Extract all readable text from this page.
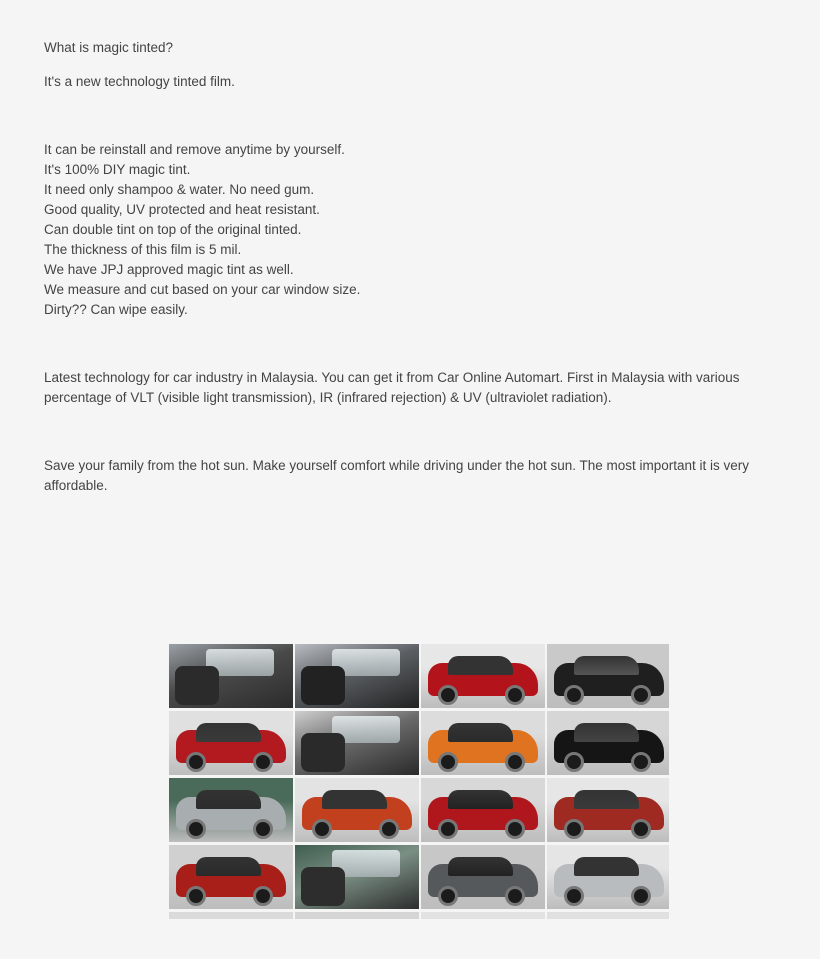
What is magic tinted?

It's a new technology tinted film.

It can be reinstall and remove anytime by yourself.
It's 100% DIY magic tint.
It need only shampoo & water. No need gum.
Good quality, UV protected and heat resistant.
Can double tint on top of the original tinted.
The thickness of this film is 5 mil.
We have JPJ approved magic tint as well.
We measure and cut based on your car window size.
Dirty?? Can wipe easily.

Latest technology for car industry in Malaysia. You can get it from Car Online Automart. First in Malaysia with various percentage of VLT (visible light transmission), IR (infrared rejection) & UV (ultraviolet radiation).

Save your family from the hot sun. Make yourself comfort while driving under the hot sun. The most important it is very affordable.
